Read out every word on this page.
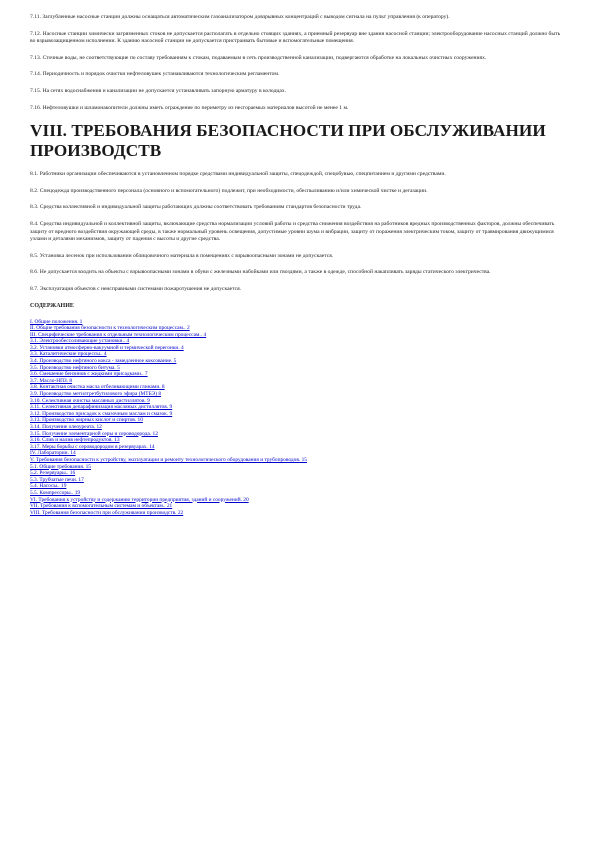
7.11. Заглубленные насосные станции должны оснащаться автоматическим газоанализатором довзрывных концентраций с выводом сигнала на пульт управления (к оператору).

7.12. Насосные станции химически загрязненных стоков не допускается располагать в отдельно стоящих зданиях, а приемный резервуар вне здания насосной станции; электрооборудование насосных станций должно быть во взрывозащищенном исполнении. К зданию насосной станции не допускается пристраивать бытовые и вспомогательные помещения.

7.13. Сточные воды, не соответствующие по составу требованиям к стокам, подаваемым в сеть производственной канализации, подвергаются обработке на локальных очистных сооружениях.

7.14. Периодичность и порядок очистки нефтеловушек устанавливаются технологическим регламентом.

7.15. На сетях водоснабжения и канализации не допускается устанавливать запорную арматуру в колодцах.

7.16. Нефтеловушки и шламонакопители должны иметь ограждение по периметру из несгораемых материалов высотой не менее 1 м.

VIII. ТРЕБОВАНИЯ БЕЗОПАСНОСТИ ПРИ ОБСЛУЖИВАНИИ ПРОИЗВОДСТВ

8.1. Работники организации обеспечиваются в установленном порядке средствами индивидуальной защиты, спецодеждой, спецобувью, спецпитанием и другими средствами.

8.2. Спецодежда производственного персонала (основного и вспомогательного) подлежит, при необходимости, обеспыливанию и/или химической чистке и дегазации.

8.3. Средства коллективной и индивидуальной защиты работающих должны соответствовать требованиям стандартов безопасности труда.

8.4. Средства индивидуальной и коллективной защиты, включающие средства нормализации условий работы и средства снижения воздействия на работников вредных производственных факторов, должны обеспечивать защиту от вредного воздействия окружающей среды, в также нормальный уровень освещения, допустимые уровни шума и вибрации, защиту от поражения электрическим током, защиту от травмирования движущимися узлами и деталями механизмов, защиту от падения с высоты и другие средства.

8.5. Установка лесенок при использовании облицовочного материала в помещениях с взрывоопасными зонами не допускается.

8.6. Не допускается входить на объекты с взрывоопасными зонами в обуви с железными набойками или гвоздями, а также в одежде, способной накапливать заряды статического электричества.

8.7. Эксплуатация объектов с неисправными системами пожаротушения не допускается.

СОДЕРЖАНИЕ
I. Общие положения. 1
II. Общие требования безопасности к технологическим процессам.. 2
III. Специфические требования к отдельным технологическим процессам.. 4
3.1. Электрообессоливающие установки.. 4
3.2. Установки атмосферно-вакуумной и термической перегонки. 4
3.3. Каталитические процессы.. 4
3.4. Производство нефтяного кокса - замедленное коксование. 5
3.5. Производство нефтяного битума. 5
3.6. Смешение бензинов с жидкими присадками.. 7
3.7. Масло-НПЗ. 8
3.8. Контактная очистка масла отбеливающими глинами. 8
3.9. Производство метилтретбутилового эфира (МТБЭ) 8
3.10. Селективная очистка масляных дистиллятов. 9
3.11. Селективная депарафинизация масляных дистиллятов. 9
3.12. Производство присадок к смазочным маслам и смазок. 9
3.13. Производство жирных кислот и спиртов. 10
3.14. Получение олеоуреата. 12
3.15. Получение элементарной серы и сероводорода. 12
3.16. Слив и налив нефтепродуктов. 13
3.17. Меры борьбы с сероводородом в резервуарах. 14
IV. Лаборатории. 14
V. Требования безопасности к устройству, эксплуатации и ремонту технологического оборудования и трубопроводов. 15
5.1. Общие требования. 15
5.2. Резервуары.. 16
5.3. Трубчатые печи. 17
5.4. Насосы.. 19
5.5. Компрессоры.. 19
VI. Требования к устройству и содержанию территории предприятия, зданий и сооружений. 20
VII. Требования к вспомогательным системам и объектам.. 21
VIII. Требования безопасности при обслуживании производств. 22
